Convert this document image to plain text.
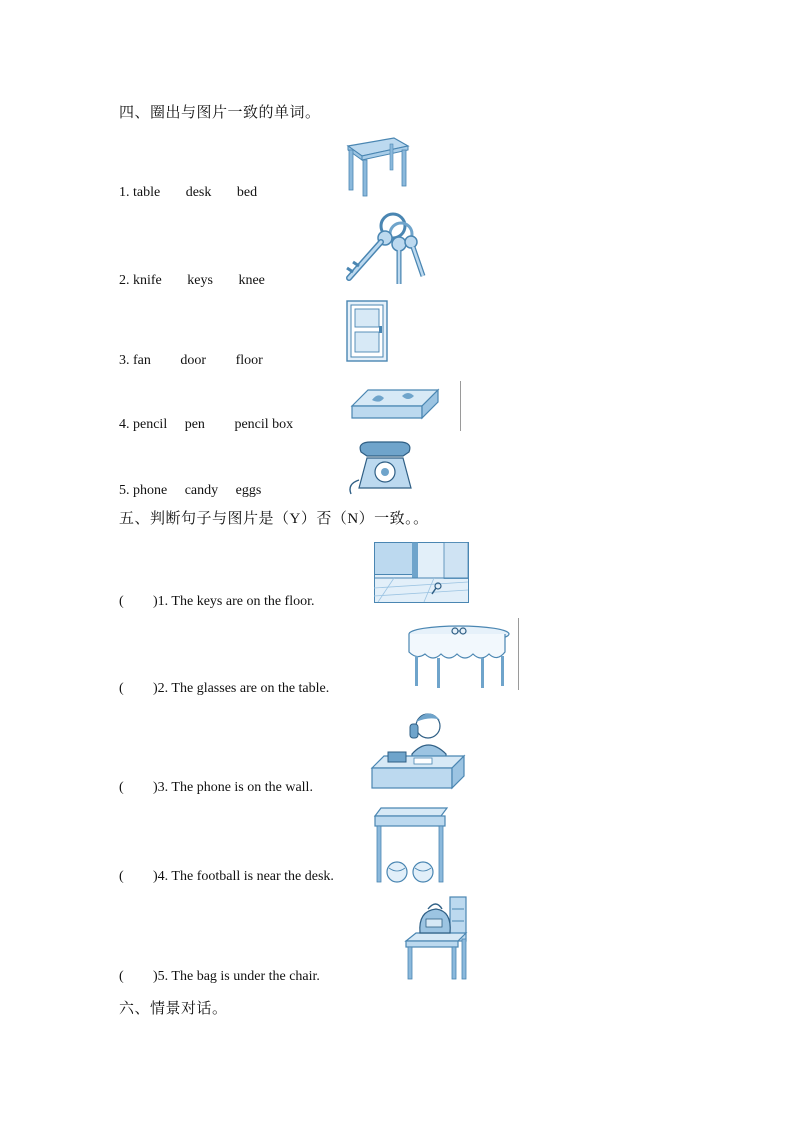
四、圈出与图片一致的单词。
1. table desk bed
2. knife keys knee
3. fan door floor
4. pencil pen pencil box
5. phone candy eggs
五、判断句子与图片是（Y）否（N）一致。。
( )1. The keys are on the floor.
( )2. The glasses are on the table.
( )3. The phone is on the wall.
( )4. The football is near the desk.
( )5. The bag is under the chair.
六、情景对话。
